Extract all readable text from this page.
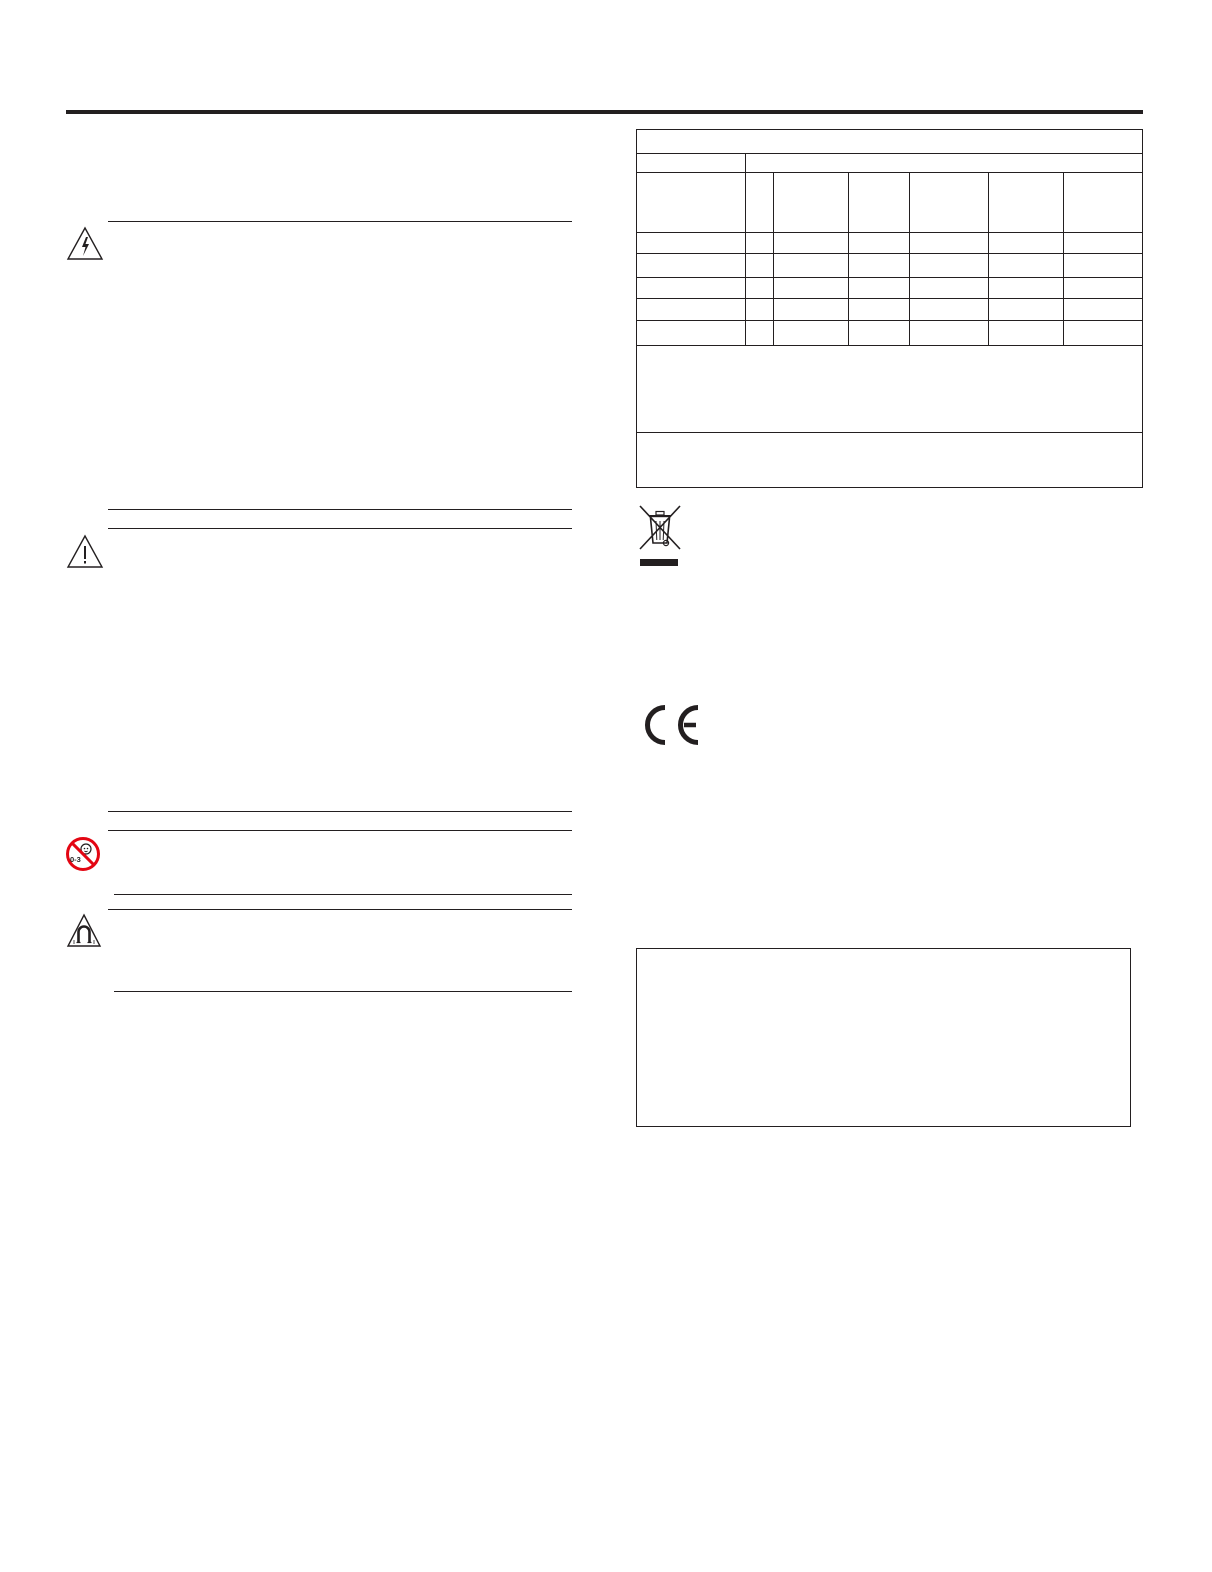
0-3
